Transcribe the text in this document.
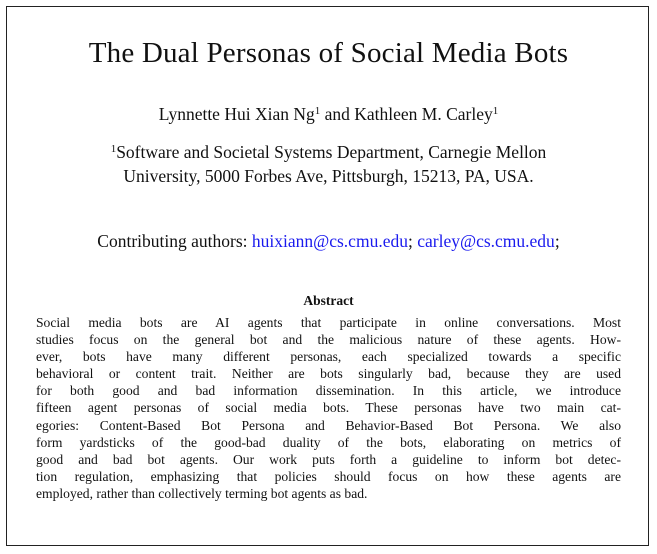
The Dual Personas of Social Media Bots
Lynnette Hui Xian Ng$^1$ and Kathleen M. Carley$^1$
$^1$Software and Societal Systems Department, Carnegie Mellon
University, 5000 Forbes Ave, Pittsburgh, 15213, PA, USA.
Contributing authors: huixiann@cs.cmu.edu; carley@cs.cmu.edu;
Abstract
Social media bots are AI agents that participate in online conversations. Most
studies focus on the general bot and the malicious nature of these agents. How-
ever, bots have many different personas, each specialized towards a specific
behavioral or content trait. Neither are bots singularly bad, because they are used
for both good and bad information dissemination. In this article, we introduce
fifteen agent personas of social media bots. These personas have two main cat-
egories: Content-Based Bot Persona and Behavior-Based Bot Persona. We also
form yardsticks of the good-bad duality of the bots, elaborating on metrics of
good and bad bot agents. Our work puts forth a guideline to inform bot detec-
tion regulation, emphasizing that policies should focus on how these agents are
employed, rather than collectively terming bot agents as bad.
